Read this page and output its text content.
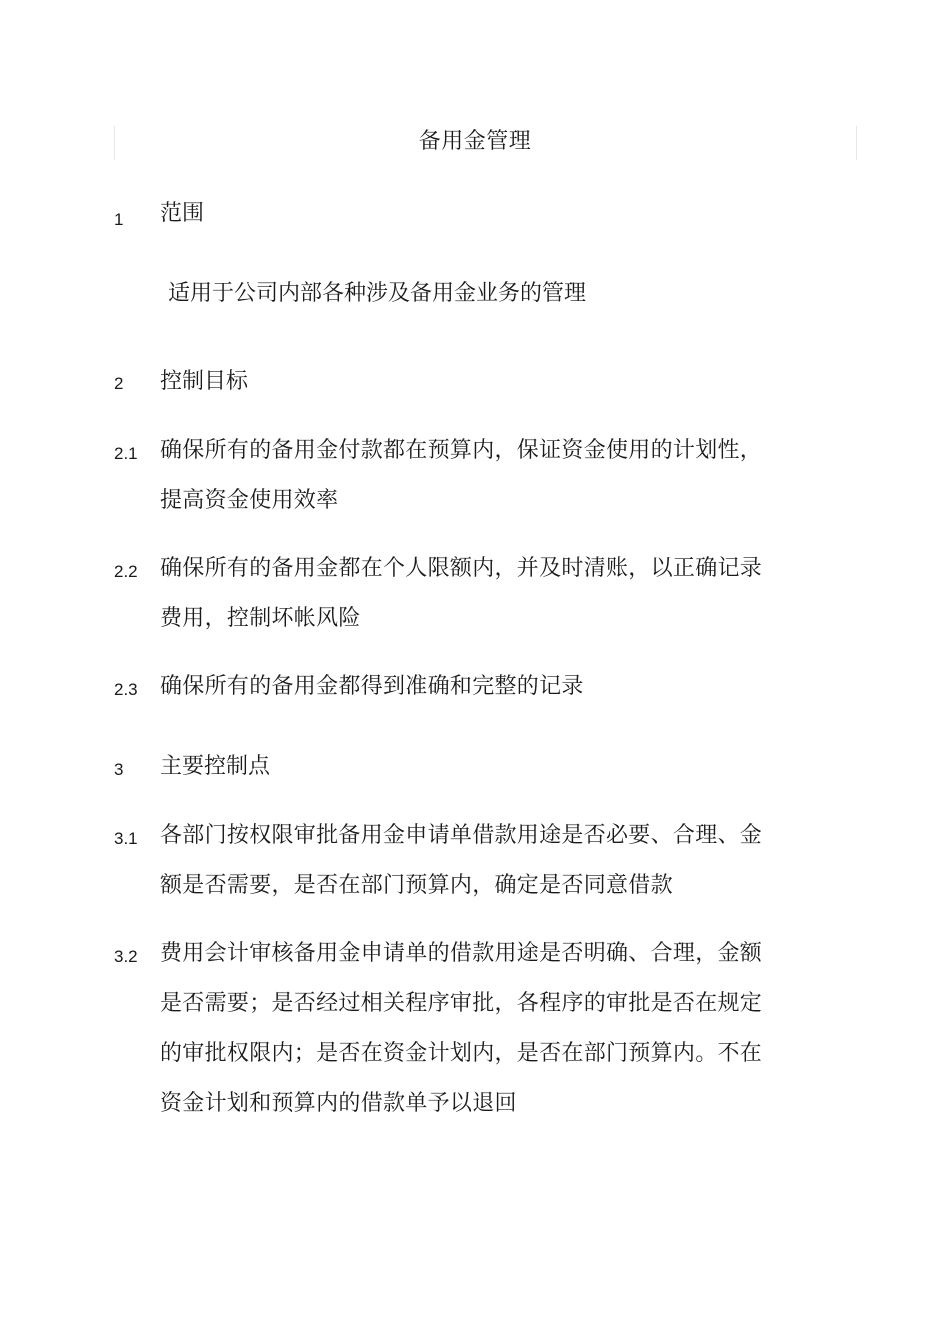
备用金管理
1 范围
适用于公司内部各种涉及备用金业务的管理
2 控制目标
2.1 确保所有的备用金付款都在预算内，保证资金使用的计划性，
提高资金使用效率
2.2 确保所有的备用金都在个人限额内，并及时清账，以正确记录
费用，控制坏帐风险
2.3 确保所有的备用金都得到准确和完整的记录
3 主要控制点
3.1 各部门按权限审批备用金申请单借款用途是否必要、合理、金
额是否需要，是否在部门预算内，确定是否同意借款
3.2 费用会计审核备用金申请单的借款用途是否明确、合理，金额
是否需要；是否经过相关程序审批，各程序的审批是否在规定
的审批权限内；是否在资金计划内，是否在部门预算内。不在
资金计划和预算内的借款单予以退回
